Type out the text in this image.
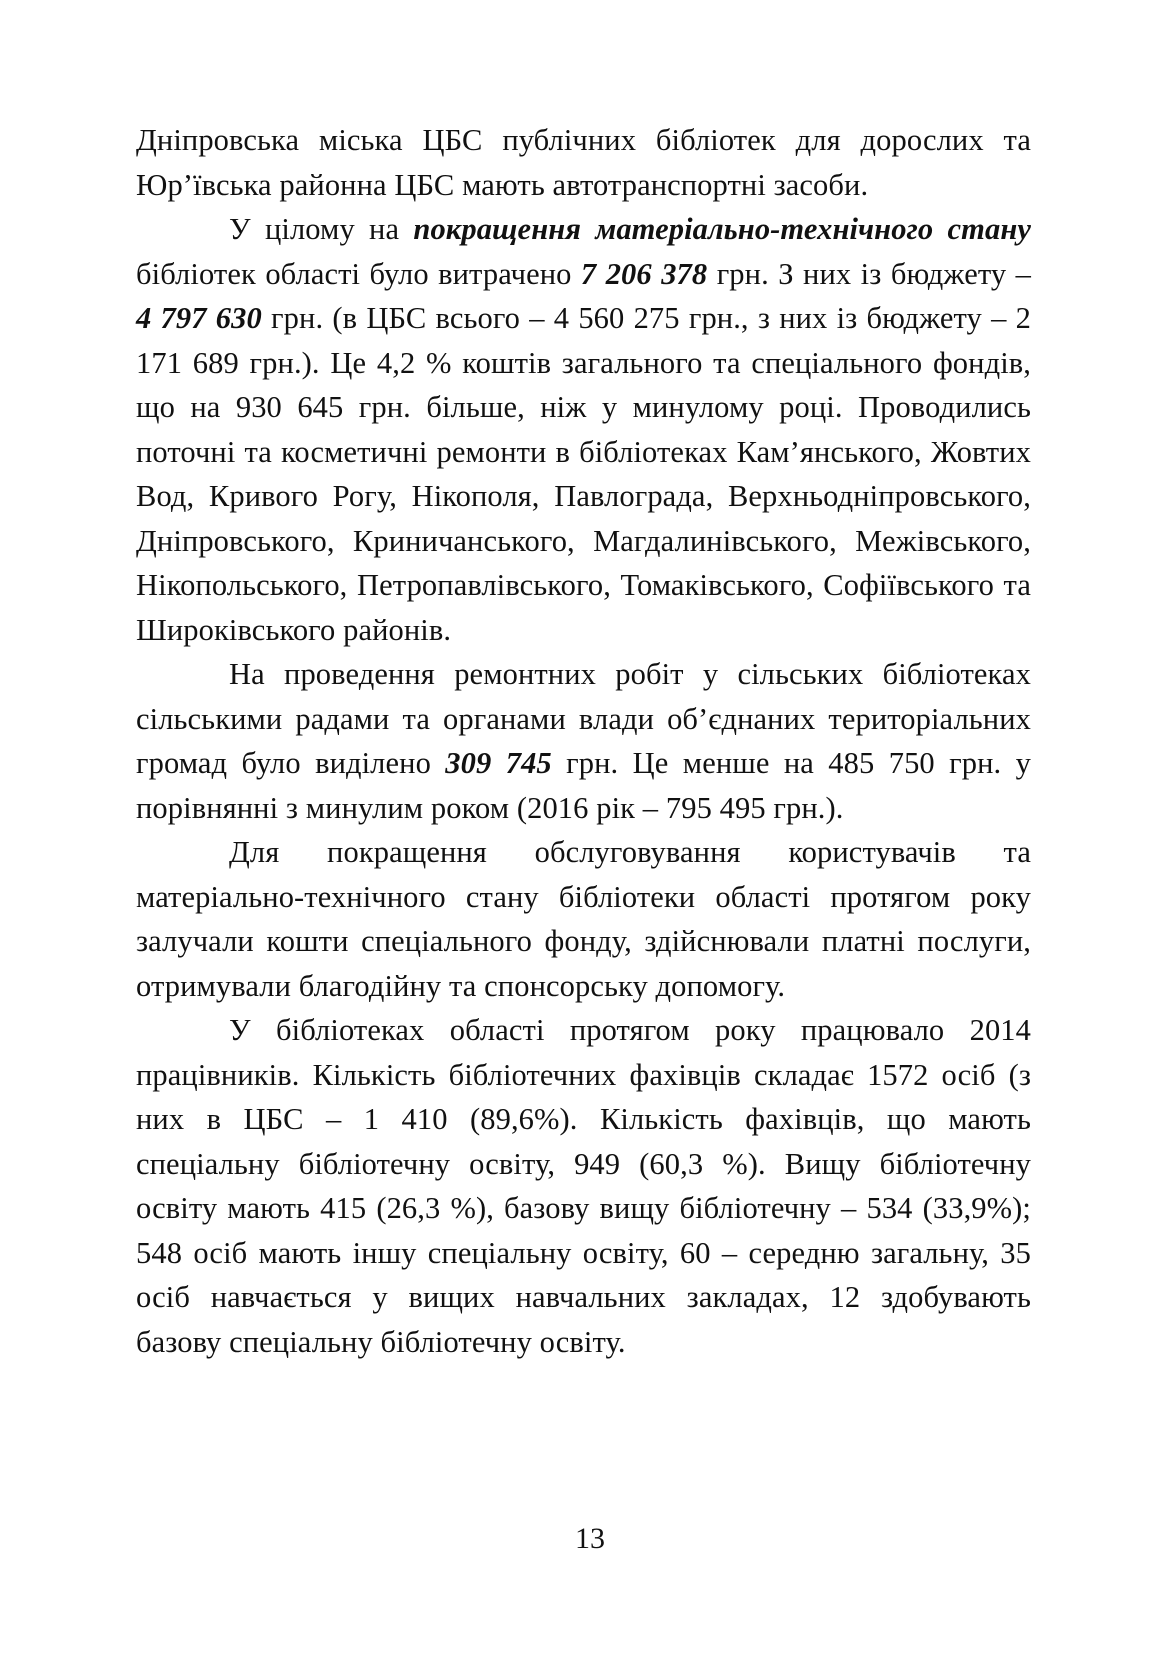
Дніпровська міська ЦБС публічних бібліотек для дорослих та Юр’ївська районна ЦБС мають автотранспортні засоби.

У цілому на покращення матеріально-технічного стану бібліотек області було витрачено 7 206 378 грн. З них із бюджету – 4 797 630 грн. (в ЦБС всього – 4 560 275 грн., з них із бюджету – 2 171 689 грн.). Це 4,2 % коштів загального та спеціального фондів, що на 930 645 грн. більше, ніж у минулому році. Проводились поточні та косметичні ремонти в бібліотеках Кам’янського, Жовтих Вод, Кривого Рогу, Нікополя, Павлограда, Верхньодніпровського, Дніпровського, Криничанського, Магдалинівського, Межівського, Нікопольського, Петропавлівського, Томаківського, Софіївського та Широківського районів.

На проведення ремонтних робіт у сільських бібліотеках сільськими радами та органами влади об’єднаних територіальних громад було виділено 309 745 грн. Це менше на 485 750 грн. у порівнянні з минулим роком (2016 рік – 795 495 грн.).

Для покращення обслуговування користувачів та матеріально-технічного стану бібліотеки області протягом року залучали кошти спеціального фонду, здійснювали платні послуги, отримували благодійну та спонсорську допомогу.

У бібліотеках області протягом року працювало 2014 працівників. Кількість бібліотечних фахівців складає 1572 осіб (з них в ЦБС – 1 410 (89,6%). Кількість фахівців, що мають спеціальну бібліотечну освіту, 949 (60,3 %). Вищу бібліотечну освіту мають 415 (26,3 %), базову вищу бібліотечну – 534 (33,9%); 548 осіб мають іншу спеціальну освіту, 60 – середню загальну, 35 осіб навчається у вищих навчальних закладах, 12 здобувають базову спеціальну бібліотечну освіту.

13
